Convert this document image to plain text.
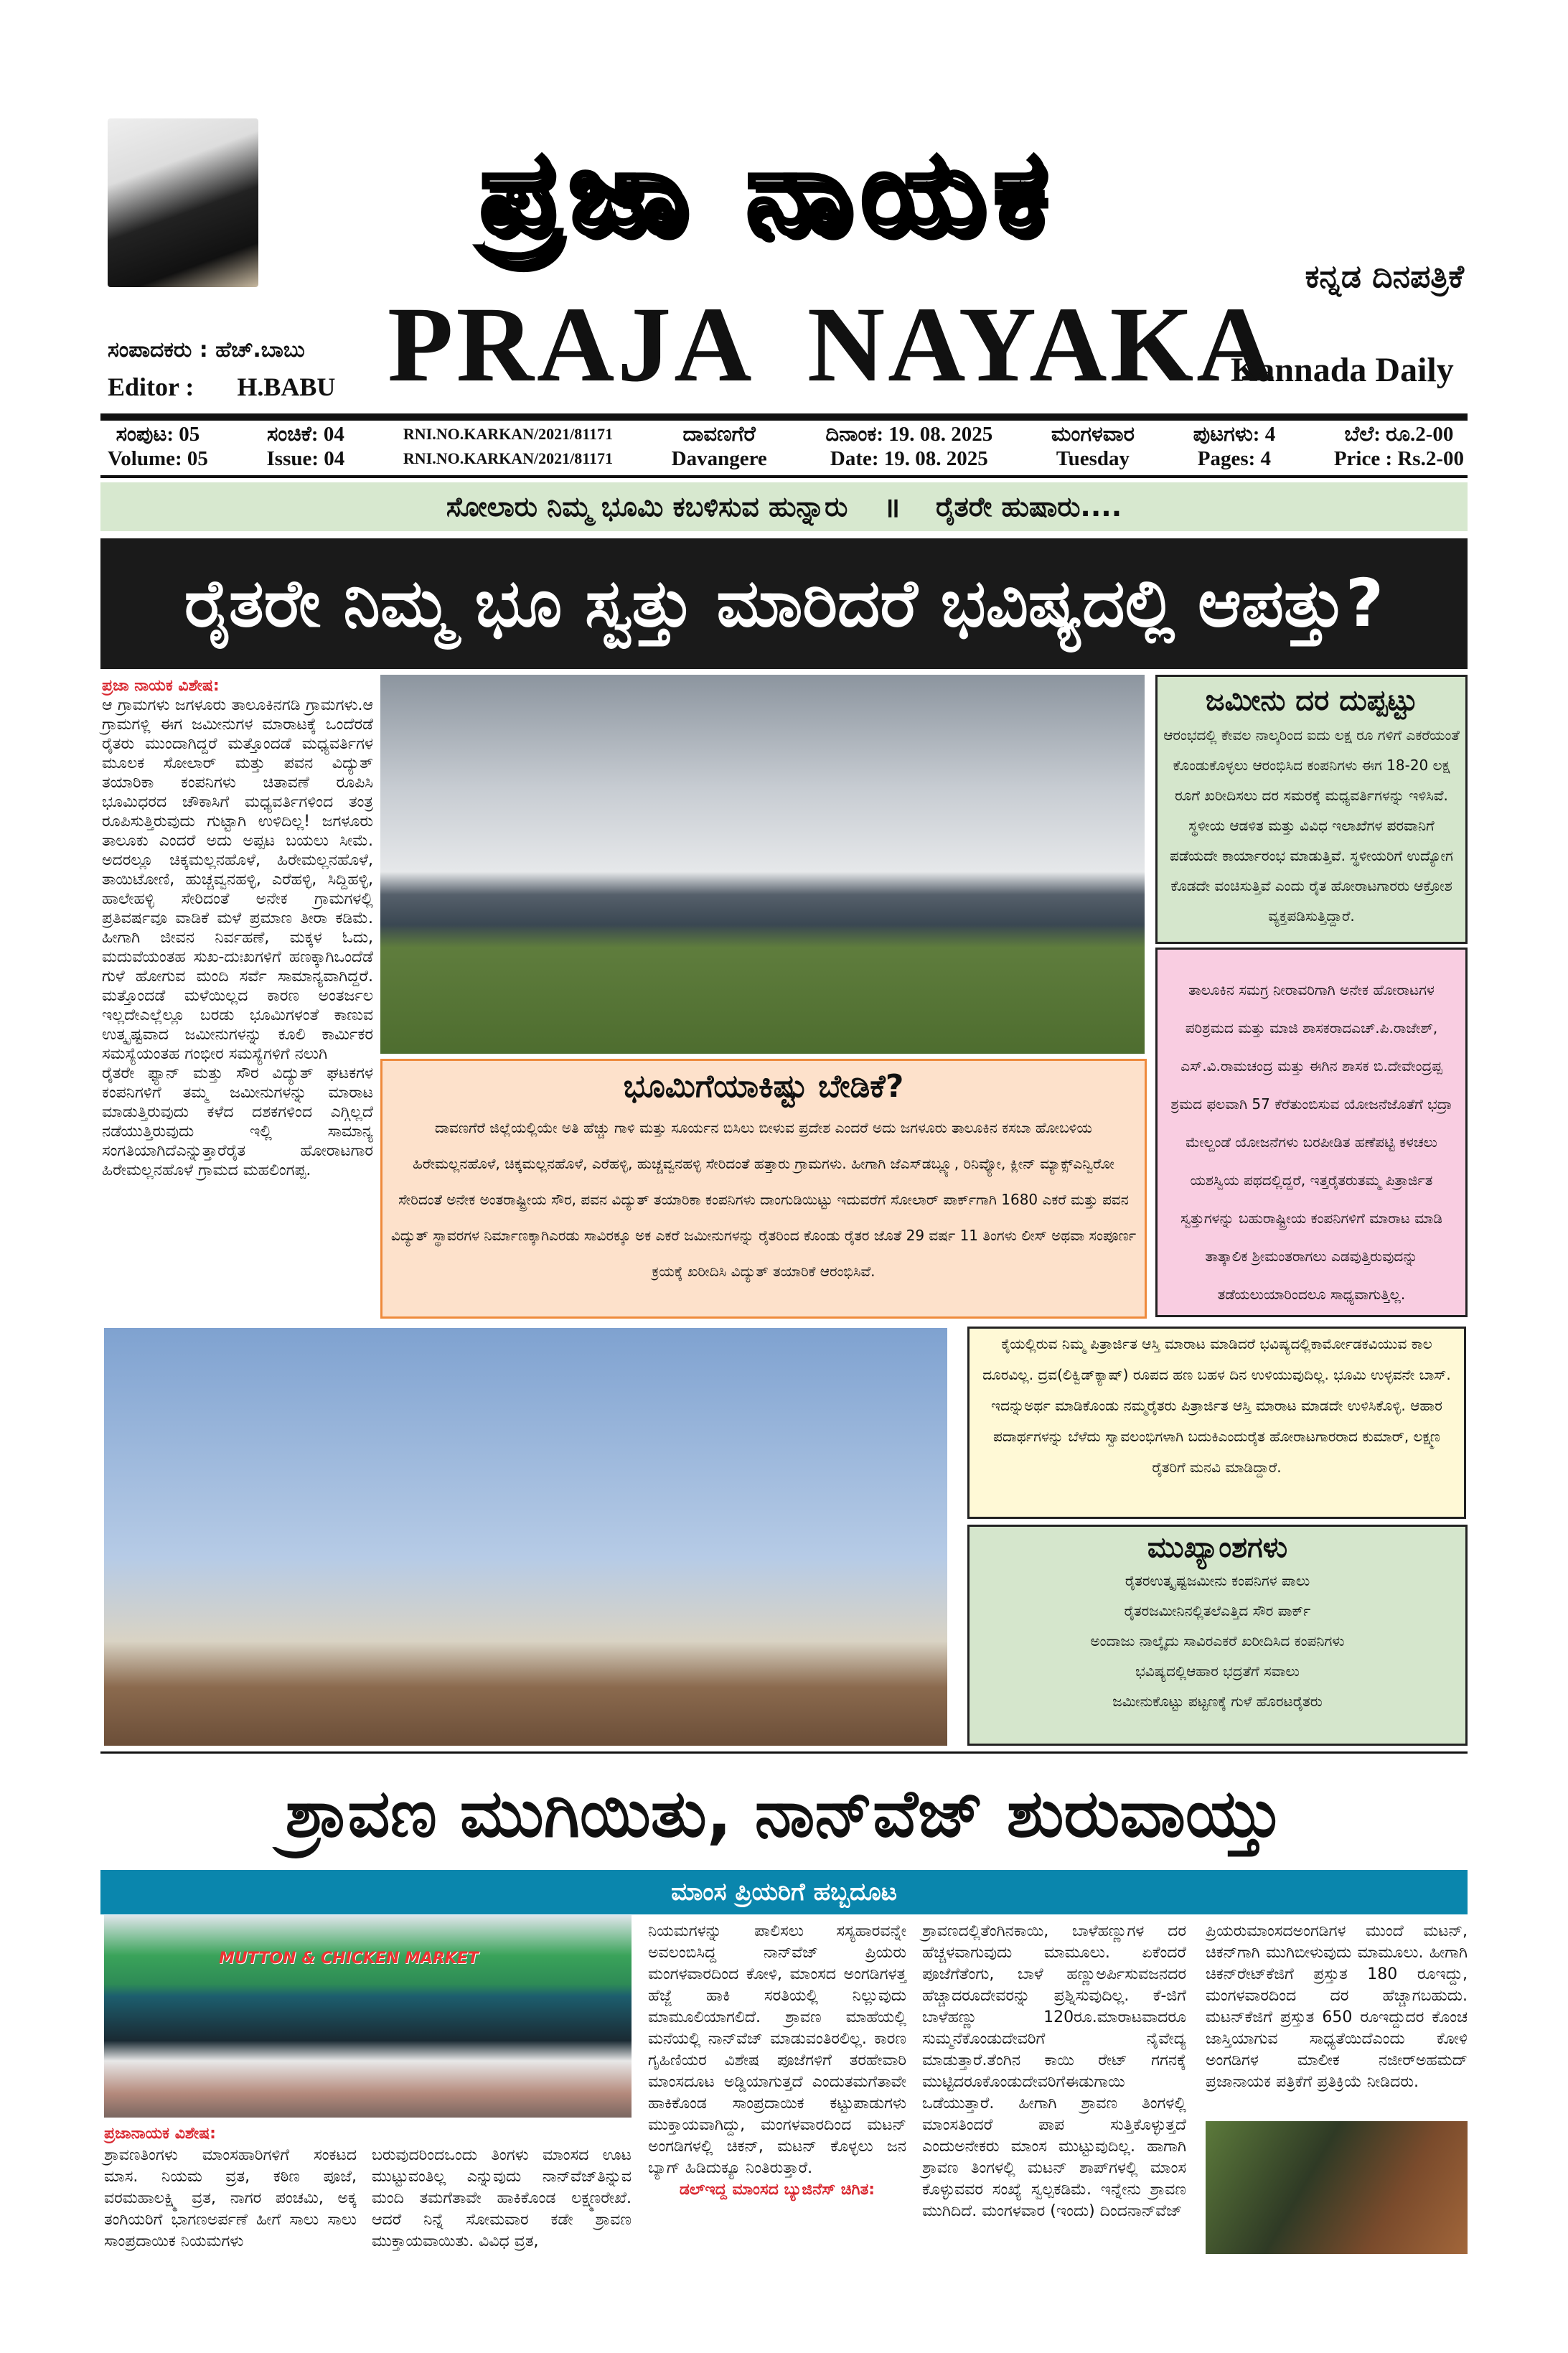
ಪ್ರಜಾ ನಾಯಕ
ಕನ್ನಡ ದಿನಪತ್ರಿಕೆ
ಸಂಪಾದಕರು : ಹೆಚ್.ಬಾಬು
Editor : H.BABU PRAJA NAYAKA
Kannada Daily
ಸಂಪುಟ: 05
Volume: 05
ಸಂಚಿಕೆ: 04
Issue: 04
RNI.NO.KARKAN/2021/81171
RNI.NO.KARKAN/2021/81171
ದಾವಣಗೆರೆ
Davangere
ದಿನಾಂಕ: 19. 08. 2025
Date: 19. 08. 2025
ಮಂಗಳವಾರ
Tuesday
ಪುಟಗಳು: 4
Pages: 4
ಬೆಲೆ: ರೂ.2-00
Price : Rs.2-00
ಸೋಲಾರು ನಿಮ್ಮ ಭೂಮಿ ಕಬಳಿಸುವ ಹುನ್ನಾರು ॥ ರೈತರೇ ಹುಷಾರು....
ರೈತರೇ ನಿಮ್ಮ ಭೂ ಸ್ವತ್ತು ಮಾರಿದರೆ ಭವಿಷ್ಯದಲ್ಲಿ ಆಪತ್ತು?
ಪ್ರಜಾ ನಾಯಕ ವಿಶೇಷ:

ಆ ಗ್ರಾಮಗಳು ಜಗಳೂರು ತಾಲೂಕಿನಗಡಿ ಗ್ರಾಮಗಳು.ಆ ಗ್ರಾಮಗಳ್ಲಿ ಈಗ ಜಮೀನುಗಳ ಮಾರಾಟಕ್ಕೆ ಒಂದೆರಡೆ ರೈತರು ಮುಂದಾಗಿದ್ದರೆ ಮತ್ತೊಂದಡೆ ಮಧ್ಯವರ್ತಿಗಳ ಮೂಲಕ ಸೋಲಾರ್ ಮತ್ತು ಪವನ ವಿದ್ಯುತ್ ತಯಾರಿಕಾ ಕಂಪನಿಗಳು ಚಿತಾವಣೆ ರೂಪಿಸಿ ಭೂಮಿಧರದ ಚೌಕಾಸಿಗೆ ಮಧ್ಯವರ್ತಿಗಳಿಂದ ತಂತ್ರ ರೂಪಿಸುತ್ತಿರುವುದು ಗುಟ್ಟಾಗಿ ಉಳಿದಿಲ್ಲ! ಜಗಳೂರು ತಾಲೂಕು ಎಂದರೆ ಅದು ಅಪ್ಪಟ ಬಯಲು ಸೀಮೆ. ಅದರಲ್ಲೂ ಚಿಕ್ಕಮಲ್ಲನಹೊಳೆ, ಹಿರೇಮಲ್ಲನಹೊಳೆ, ತಾಯಿಟೋಣಿ, ಹುಚ್ಚವ್ವನಹಳ್ಳಿ, ಎರೆಹಳ್ಳಿ, ಸಿದ್ದಿಹಳ್ಳಿ, ಹಾಲೇಹಳ್ಳಿ ಸೇರಿದಂತೆ ಅನೇಕ ಗ್ರಾಮಗಳಲ್ಲಿ ಪ್ರತಿವರ್ಷವೂ ವಾಡಿಕೆ ಮಳೆ ಪ್ರಮಾಣ ತೀರಾ ಕಡಿಮೆ. ಹೀಗಾಗಿ ಜೀವನ ನಿರ್ವಹಣೆ, ಮಕ್ಕಳ ಓದು, ಮದುವೆಯಂತಹ ಸುಖ-ದುಃಖಗಳಿಗೆ ಹಣಕ್ಕಾಗಿಒಂದೆಡೆ ಗುಳೆ ಹೋಗುವ ಮಂದಿ ಸರ್ವೆ ಸಾಮಾನ್ಯವಾಗಿದ್ದರೆ. ಮತ್ತೊಂದಡೆ ಮಳೆಯಿಲ್ಲದ ಕಾರಣ ಅಂತರ್ಜಲ ಇಲ್ಲದೇಎಲ್ಲೆಲ್ಲೂ ಬರಡು ಭೂಮಿಗಳಂತೆ ಕಾಣುವ ಉತ್ಕೃಷ್ಟವಾದ ಜಮೀನುಗಳನ್ನು ಕೂಲಿ ಕಾರ್ಮಿಕರ ಸಮಸ್ಯೆಯಂತಹ ಗಂಭೀರ ಸಮಸ್ಯೆಗಳಿಗೆ ನಲುಗಿ

ರೈತರೇ ಫ್ಯಾನ್ ಮತ್ತು ಸೌರ ವಿದ್ಯುತ್ ಘಟಕಗಳ ಕಂಪನಿಗಳಿಗೆ ತಮ್ಮ ಜಮೀನುಗಳನ್ನು ಮಾರಾಟ ಮಾಡುತ್ತಿರುವುದು ಕಳೆದ ದಶಕಗಳಿಂದ ಎಗ್ಗಿಲ್ಲದೆ ನಡೆಯುತ್ತಿರುವುದು ಇಲ್ಲಿ ಸಾಮಾನ್ಯ ಸಂಗತಿಯಾಗಿದೆಎನ್ನುತ್ತಾರೆರೈತ ಹೋರಾಟಗಾರ ಹಿರೇಮಲ್ಲನಹೊಳೆ ಗ್ರಾಮದ ಮಹಲಿಂಗಪ್ಪ.

ಭೂಮಿಗೆಯಾಕಿಷ್ಟು ಬೇಡಿಕೆ?

ದಾವಣಗೆರೆ ಜಿಲ್ಲೆಯಲ್ಲಿಯೇ ಅತಿ ಹೆಚ್ಚು ಗಾಳಿ ಮತ್ತು ಸೂರ್ಯನ ಬಿಸಿಲು ಬೀಳುವ ಪ್ರದೇಶ ಎಂದರೆ ಅದು ಜಗಳೂರು ತಾಲೂಕಿನ ಕಸಬಾ ಹೋಬಳಿಯ ಹಿರೇಮಲ್ಲನಹೊಳೆ, ಚಿಕ್ಕಮಲ್ಲನಹೊಳೆ, ಎರೆಹಳ್ಳಿ, ಹುಚ್ಚವ್ವನಹಳ್ಳಿ ಸೇರಿದಂತೆ ಹತ್ತಾರು ಗ್ರಾಮಗಳು. ಹೀಗಾಗಿ ಜೆಎಸ್‌ಡಬ್ಲ್ಯೂ, ರಿನಿವ್ಯೋ, ಕ್ಲೀನ್ ಮ್ಯಾಕ್ಸ್‌ಎನ್ವಿರೋ ಸೇರಿದಂತೆ ಅನೇಕ ಅಂತರಾಷ್ಟ್ರೀಯ ಸೌರ, ಪವನ ವಿದ್ಯುತ್ ತಯಾರಿಕಾ ಕಂಪನಿಗಳು ದಾಂಗುಡಿಯಿಟ್ಟು ಇದುವರೆಗೆ ಸೋಲಾರ್ ಪಾರ್ಕ್‌ಗಾಗಿ 1680 ಎಕರೆ ಮತ್ತು ಪವನ ವಿದ್ಯುತ್ ಸ್ಥಾವರಗಳ ನಿರ್ಮಾಣಕ್ಕಾಗಿಎರಡು ಸಾವಿರಕ್ಕೂ ಅಕ ಎಕರೆ ಜಮೀನುಗಳನ್ನು ರೈತರಿಂದ ಕೊಂಡು ರೈತರ ಜೊತೆ 29 ವರ್ಷ 11 ತಿಂಗಳು ಲೀಸ್ ಅಥವಾ ಸಂಪೂರ್ಣ ಕ್ರಯಕ್ಕೆ ಖರೀದಿಸಿ ವಿದ್ಯುತ್ ತಯಾರಿಕೆ ಆರಂಭಿಸಿವೆ.

ಜಮೀನು ದರ ದುಪ್ಪಟ್ಟು

ಆರಂಭದಲ್ಲಿ ಕೇವಲ ನಾಲ್ಕರಿಂದ ಐದು ಲಕ್ಷ ರೂ ಗಳಿಗೆ ಎಕರೆಯಂತೆ ಕೊಂಡುಕೊಳ್ಳಲು ಆರಂಭಿಸಿದ ಕಂಪನಿಗಳು ಈಗ 18-20 ಲಕ್ಷ ರೂಗೆ ಖರೀದಿಸಲು ದರ ಸಮರಕ್ಕೆ ಮಧ್ಯವರ್ತಿಗಳನ್ನು ಇಳಿಸಿವೆ. ಸ್ಥಳೀಯ ಆಡಳಿತ ಮತ್ತು ವಿವಿಧ ಇಲಾಖೆಗಳ ಪರವಾನಿಗೆ ಪಡೆಯದೇ ಕಾರ್ಯಾರಂಭ ಮಾಡುತ್ತಿವೆ. ಸ್ಥಳೀಯರಿಗೆ ಉದ್ಯೋಗ ಕೊಡದೇ ವಂಚಿಸುತ್ತಿವೆ ಎಂದು ರೈತ ಹೋರಾಟಗಾರರು ಆಕ್ರೋಶ ವ್ಯಕ್ತಪಡಿಸುತ್ತಿದ್ದಾರೆ.

ತಾಲೂಕಿನ ಸಮಗ್ರ ನೀರಾವರಿಗಾಗಿ ಅನೇಕ ಹೋರಾಟಗಳ ಪರಿಶ್ರಮದ ಮತ್ತು ಮಾಜಿ ಶಾಸಕರಾದಎಚ್.ಪಿ.ರಾಜೇಶ್, ಎಸ್.ವಿ.ರಾಮಚಂದ್ರ ಮತ್ತು ಈಗಿನ ಶಾಸಕ ಬಿ.ದೇವೇಂದ್ರಪ್ಪ ಶ್ರಮದ ಫಲವಾಗಿ 57 ಕೆರೆತುಂಬಿಸುವ ಯೋಜನೆಜೊತೆಗೆ ಭದ್ರಾ ಮೇಲ್ದಂಡೆ ಯೋಜನೆಗಳು ಬರಪೀಡಿತ ಹಣೆಪಟ್ಟಿ ಕಳಚಲು ಯಶಸ್ವಿಯ ಪಥದಲ್ಲಿದ್ದರೆ, ಇತ್ತರೈತರುತಮ್ಮ ಪಿತ್ರಾರ್ಜಿತ ಸ್ವತ್ತುಗಳನ್ನು ಬಹುರಾಷ್ಟ್ರೀಯ ಕಂಪನಿಗಳಿಗೆ ಮಾರಾಟ ಮಾಡಿ ತಾತ್ಕಾಲಿಕ ಶ್ರೀಮಂತರಾಗಲು ಎಡವುತ್ತಿರುವುದನ್ನು ತಡೆಯಲುಯಾರಿಂದಲೂ ಸಾಧ್ಯವಾಗುತ್ತಿಲ್ಲ.

ಕೈಯಲ್ಲಿರುವ ನಿಮ್ಮ ಪಿತ್ರಾರ್ಜಿತ ಆಸ್ತಿ ಮಾರಾಟ ಮಾಡಿದರೆ ಭವಿಷ್ಯದಲ್ಲಿಕಾರ್ಮೋಡಕವಿಯುವ ಕಾಲ ದೂರವಿಲ್ಲ. ದ್ರವ(ಲಿಕ್ವಿಡ್‌ಕ್ಯಾಷ್) ರೂಪದ ಹಣ ಬಹಳ ದಿನ ಉಳಿಯುವುದಿಲ್ಲ. ಭೂಮಿ ಉಳ್ಳವನೇ ಬಾಸ್. ಇದನ್ನುಅರ್ಥ ಮಾಡಿಕೊಂಡು ನಮ್ಮರೈತರು ಪಿತ್ರಾರ್ಜಿತ ಆಸ್ತಿ ಮಾರಾಟ ಮಾಡದೇ ಉಳಿಸಿಕೊಳ್ಳಿ. ಆಹಾರ ಪದಾರ್ಥಗಳನ್ನು ಬೆಳೆದು ಸ್ವಾವಲಂಭಿಗಳಾಗಿ ಬದುಕಿಎಂದುರೈತ ಹೋರಾಟಗಾರರಾದ ಕುಮಾರ್, ಲಕ್ಷ್ಮಣ ರೈತರಿಗೆ ಮನವಿ ಮಾಡಿದ್ದಾರೆ.

ಮುಖ್ಯಾಂಶಗಳು
ರೈತರಉತ್ಕೃಷ್ಟಜಮೀನು ಕಂಪನಿಗಳ ಪಾಲು
ರೈತರಜಮೀನಿನಲ್ಲಿತಲೆಎತ್ತಿದ ಸೌರ ಪಾರ್ಕ್
ಅಂದಾಜು ನಾಲ್ಕೈದು ಸಾವಿರಎಕರೆ ಖರೀದಿಸಿದ ಕಂಪನಿಗಳು
ಭವಿಷ್ಯದಲ್ಲಿಆಹಾರ ಭದ್ರತೆಗೆ ಸವಾಲು
ಜಮೀನುಕೊಟ್ಟು ಪಟ್ಟಣಕ್ಕೆ ಗುಳೆ ಹೊರಟರೈತರು
ಶ್ರಾವಣ ಮುಗಿಯಿತು, ನಾನ್‌ವೆಜ್ ಶುರುವಾಯ್ತು
ಮಾಂಸ ಪ್ರಿಯರಿಗೆ ಹಬ್ಬದೂಟ
MUTTON & CHICKEN MARKET
ಪ್ರಜಾನಾಯಕ ವಿಶೇಷ:

ಶ್ರಾವಣತಿಂಗಳು ಮಾಂಸಹಾರಿಗಳಿಗೆ ಸಂಕಟದ ಮಾಸ. ನಿಯಮ ವ್ರತ, ಕಠಿಣ ಪೂಜೆ, ವರಮಹಾಲಕ್ಷ್ಮಿ ವ್ರತ, ನಾಗರ ಪಂಚಮಿ, ಅಕ್ಕ ತಂಗಿಯರಿಗೆ ಭಾಗಣಅರ್ಪಣೆ ಹೀಗೆ ಸಾಲು ಸಾಲು ಸಾಂಪ್ರದಾಯಿಕ ನಿಯಮಗಳು

ಬರುವುದರಿಂದಒಂದು ತಿಂಗಳು ಮಾಂಸದ ಊಟ ಮುಟ್ಟುವಂತಿಲ್ಲ ಎನ್ನುವುದು ನಾನ್‌ವೆಜ್‌ತಿನ್ನುವ ಮಂದಿ ತಮಗೆತಾವೇ ಹಾಕಿಕೊಂಡ ಲಕ್ಷ್ಮಣರೇಖೆ. ಆದರೆ ನಿನ್ನೆ ಸೋಮವಾರ ಕಡೇ ಶ್ರಾವಣ ಮುಕ್ತಾಯವಾಯಿತು. ವಿವಿಧ ವ್ರತ,

ನಿಯಮಗಳನ್ನು ಪಾಲಿಸಲು ಸಸ್ಯಹಾರವನ್ನೇ ಅವಲಂಬಿಸಿದ್ದ ನಾನ್‌ವೆಜ್ ಪ್ರಿಯರು ಮಂಗಳವಾರದಿಂದ ಕೋಳಿ, ಮಾಂಸದ ಅಂಗಡಿಗಳತ್ತ ಹೆಜ್ಜೆ ಹಾಕಿ ಸರತಿಯಲ್ಲಿ ನಿಲ್ಲುವುದು ಮಾಮೂಲಿಯಾಗಲಿದೆ. ಶ್ರಾವಣ ಮಾಹೆಯಲ್ಲಿ ಮನೆಯಲ್ಲಿ ನಾನ್‌ವೆಜ್ ಮಾಡುವಂತಿರಲಿಲ್ಲ. ಕಾರಣ ಗೃಹಿಣಿಯರ ವಿಶೇಷ ಪೂಜೆಗಳಿಗೆ ತರಹೇವಾರಿ ಮಾಂಸದೂಟ ಅಡ್ಡಿಯಾಗುತ್ತದೆ ಎಂದುತಮಗೆತಾವೇ ಹಾಕಿಕೊಂಡ ಸಾಂಪ್ರದಾಯಿಕ ಕಟ್ಟುಪಾಡುಗಳು ಮುಕ್ತಾಯವಾಗಿದ್ದು, ಮಂಗಳವಾರದಿಂದ ಮಟನ್ ಅಂಗಡಿಗಳಲ್ಲಿ ಚಿಕನ್, ಮಟನ್ ಕೊಳ್ಳಲು ಜನ ಬ್ಯಾಗ್ ಹಿಡಿದುಕ್ಯೂ ನಿಂತಿರುತ್ತಾರೆ.

ಡಲ್‌ಇದ್ದ ಮಾಂಸದ ಬ್ಯುಜಿನೆಸ್ ಚಿಗಿತ:

ಶ್ರಾವಣದಲ್ಲಿತೆಂಗಿನಕಾಯಿ, ಬಾಳೆಹಣ್ಣುಗಳ ದರ ಹೆಚ್ಚಳವಾಗುವುದು ಮಾಮೂಲು. ಏಕೆಂದರೆ ಪೂಜೆಗೆತೆಂಗು, ಬಾಳೆ ಹಣ್ಣುಅರ್ಪಿಸುವಜನದರ ಹೆಚ್ಚಾದರೂದೇವರನ್ನು ಪ್ರಶ್ನಿಸುವುದಿಲ್ಲ. ಕೆ-ಜಿಗೆ ಬಾಳೆಹಣ್ಣು 120ರೂ.ಮಾರಾಟವಾದರೂ ಸುಮ್ಮನೆಕೊಂಡುದೇವರಿಗೆ ನೈವೇದ್ಯ ಮಾಡುತ್ತಾರೆ.ತೆಂಗಿನ ಕಾಯಿ ರೇಟ್ ಗಗನಕ್ಕೆ ಮುಟ್ಟಿದರೂಕೊಂಡುದೇವರಿಗೆಈಡುಗಾಯಿ ಒಡೆಯುತ್ತಾರೆ. ಹೀಗಾಗಿ ಶ್ರಾವಣ ತಿಂಗಳಲ್ಲಿ ಮಾಂಸತಿಂದರೆ ಪಾಪ ಸುತ್ತಿಕೊಳ್ಳುತ್ತದೆ ಎಂದುಅನೇಕರು ಮಾಂಸ ಮುಟ್ಟುವುದಿಲ್ಲ. ಹಾಗಾಗಿ ಶ್ರಾವಣ ತಿಂಗಳಲ್ಲಿ ಮಟನ್ ಶಾಪ್‌ಗಳಲ್ಲಿ ಮಾಂಸ ಕೊಳ್ಳುವವರ ಸಂಖ್ಯೆ ಸ್ವಲ್ಪಕಡಿಮೆ. ಇನ್ನೇನು ಶ್ರಾವಣ ಮುಗಿದಿದೆ. ಮಂಗಳವಾರ (ಇಂದು) ದಿಂದನಾನ್‌ವೆಜ್

ಪ್ರಿಯರುಮಾಂಸದಅಂಗಡಿಗಳ ಮುಂದೆ ಮಟನ್, ಚಿಕನ್‌ಗಾಗಿ ಮುಗಿಬೀಳುವುದು ಮಾಮೂಲು. ಹೀಗಾಗಿ ಚಿಕನ್‌ರೇಟ್‌ಕೆಜಿಗೆ ಪ್ರಸ್ತುತ 180 ರೂಇದ್ದು, ಮಂಗಳವಾರದಿಂದ ದರ ಹೆಚ್ಚಾಗಬಹುದು. ಮಟನ್‌ಕೆಜಿಗೆ ಪ್ರಸ್ತುತ 650 ರೂಇದ್ದುದರ ಕೊಂಚ ಜಾಸ್ತಿಯಾಗುವ ಸಾಧ್ಯತೆಯಿದೆಎಂದು ಕೋಳಿ ಅಂಗಡಿಗಳ ಮಾಲೀಕ ನಜೀರ್‌ಅಹಮದ್ ಪ್ರಜಾನಾಯಕ ಪತ್ರಿಕೆಗೆ ಪ್ರತಿಕ್ರಿಯೆ ನೀಡಿದರು.
